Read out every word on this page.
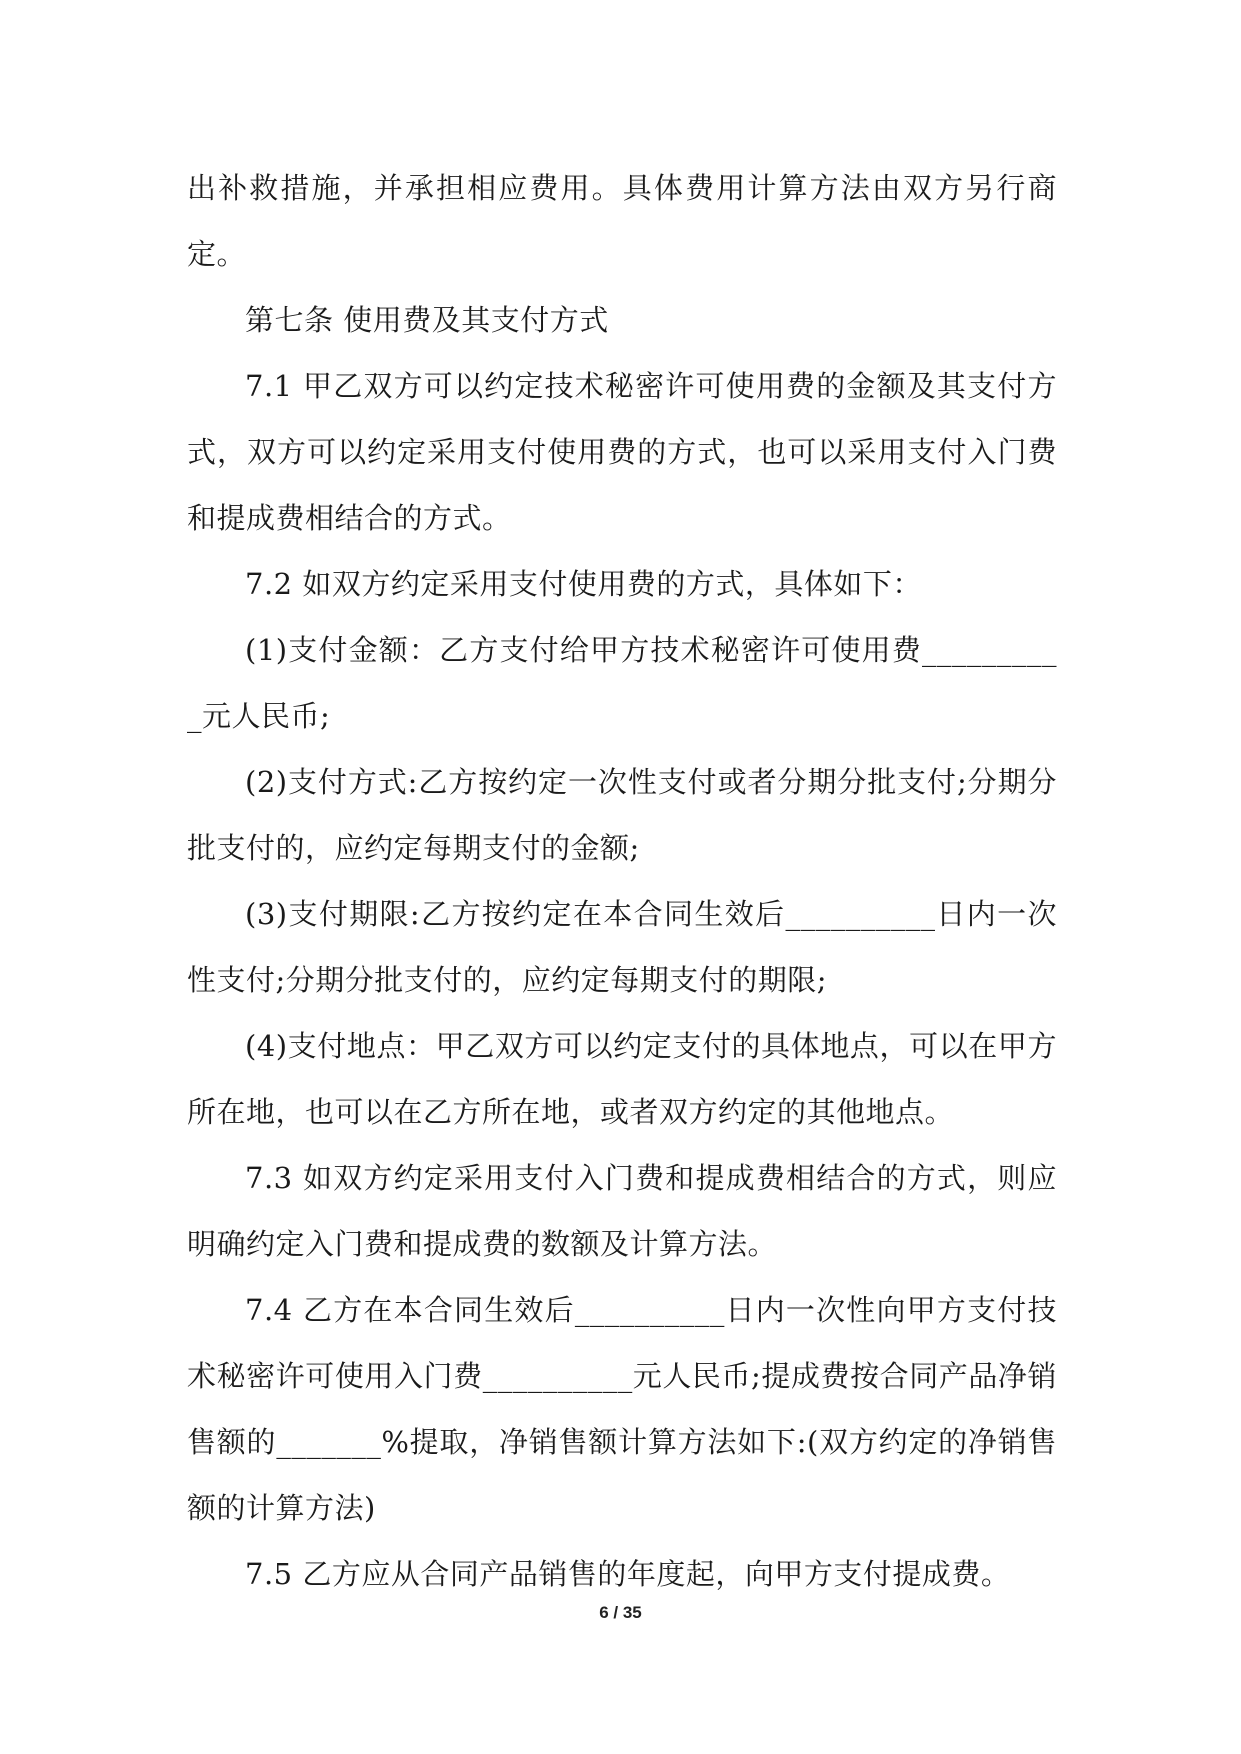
出补救措施，并承担相应费用。具体费用计算方法由双方另行商定。

第七条 使用费及其支付方式

7.1 甲乙双方可以约定技术秘密许可使用费的金额及其支付方式，双方可以约定采用支付使用费的方式，也可以采用支付入门费和提成费相结合的方式。

7.2 如双方约定采用支付使用费的方式，具体如下：

(1)支付金额：乙方支付给甲方技术秘密许可使用费__________元人民币;

(2)支付方式:乙方按约定一次性支付或者分期分批支付;分期分批支付的，应约定每期支付的金额;

(3)支付期限:乙方按约定在本合同生效后__________日内一次性支付;分期分批支付的，应约定每期支付的期限;

(4)支付地点：甲乙双方可以约定支付的具体地点，可以在甲方所在地，也可以在乙方所在地，或者双方约定的其他地点。

7.3 如双方约定采用支付入门费和提成费相结合的方式，则应明确约定入门费和提成费的数额及计算方法。

7.4 乙方在本合同生效后__________日内一次性向甲方支付技术秘密许可使用入门费__________元人民币;提成费按合同产品净销售额的_______%提取，净销售额计算方法如下:(双方约定的净销售额的计算方法)

7.5 乙方应从合同产品销售的年度起，向甲方支付提成费。

6 / 35
